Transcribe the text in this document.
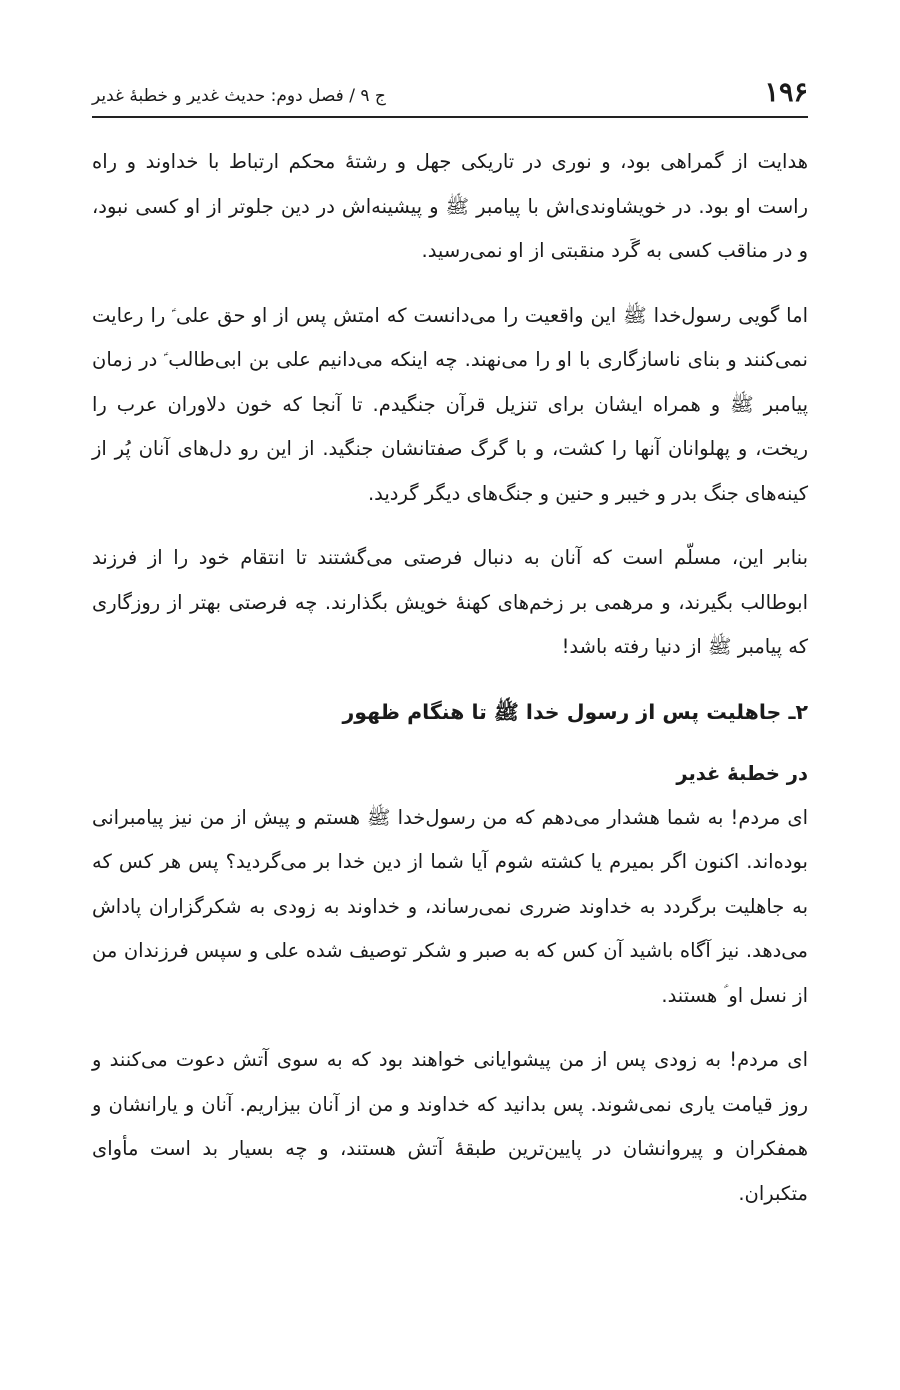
۱۹۶
ج ۹ / فصل دوم: حدیث غدیر و خطبهٔ غدیر

هدایت از گمراهی بود، و نوری در تاریکی جهل و رشتهٔ محکم ارتباط با خداوند و راه راست او بود. در خویشاوندی‌اش با پیامبر ﷺ و پیشینه‌اش در دین جلوتر از او کسی نبود، و در مناقب کسی به گَرد منقبتی از او نمی‌رسید.

اما گویی رسول‌خدا ﷺ این واقعیت را می‌دانست که امتش پس از او حق علی ؑ را رعایت نمی‌کنند و بنای ناسازگاری با او را می‌نهند. چه اینکه می‌دانیم علی بن ابی‌طالب ؑ در زمان پیامبر ﷺ و همراه ایشان برای تنزیل قرآن جنگیدم. تا آنجا که خون دلاوران عرب را ریخت، و پهلوانان آنها را کشت، و با گرگ صفتانشان جنگید. از این رو دل‌های آنان پُر از کینه‌های جنگ بدر و خیبر و حنین و جنگ‌های دیگر گردید.

بنابر این، مسلّم است که آنان به دنبال فرصتی می‌گشتند تا انتقام خود را از فرزند ابوطالب بگیرند، و مرهمی بر زخم‌های کهنهٔ خویش بگذارند. چه فرصتی بهتر از روزگاری که پیامبر ﷺ از دنیا رفته باشد!

۲ـ جاهلیت پس از رسول خدا ﷺ تا هنگام ظهور
در خطبهٔ غدیر

ای مردم! به شما هشدار می‌دهم که من رسول‌خدا ﷺ هستم و پیش از من نیز پیامبرانی بوده‌اند. اکنون اگر بمیرم یا کشته شوم آیا شما از دین خدا بر می‌گردید؟ پس هر کس که به جاهلیت برگردد به خداوند ضرری نمی‌رساند، و خداوند به زودی به شکرگزاران پاداش می‌دهد. نیز آگاه باشید آن کس که به صبر و شکر توصیف شده علی و سپس فرزندان من از نسل او ؑ هستند.

ای مردم! به زودی پس از من پیشوایانی خواهند بود که به سوی آتش دعوت می‌کنند و روز قیامت یاری نمی‌شوند. پس بدانید که خداوند و من از آنان بیزاریم. آنان و یارانشان و همفکران و پیروانشان در پایین‌ترین طبقهٔ آتش هستند، و چه بسیار بد است مأوای متکبران.
